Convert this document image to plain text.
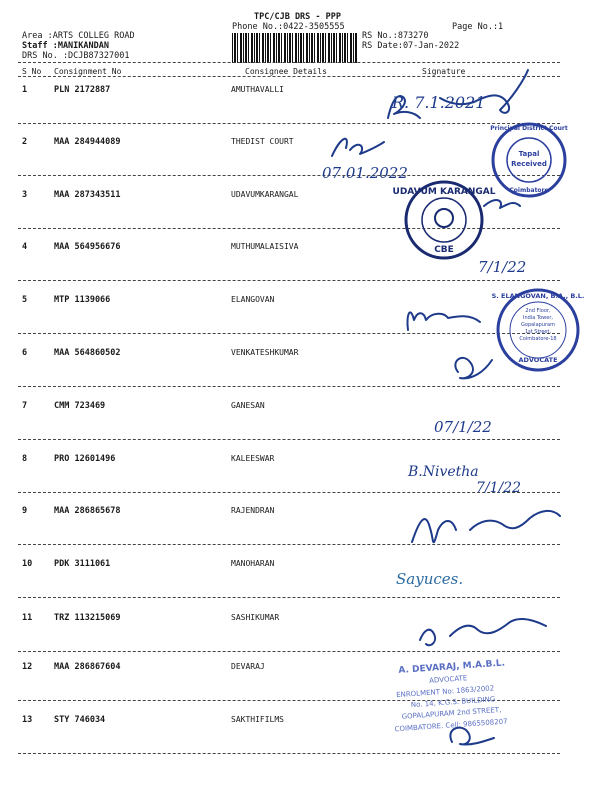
TPC/CJB DRS - PPP
Phone No.:0422-3505555	Page No.:1
Area :ARTS COLLEG ROAD
Staff :MANIKANDAN
DRS No. :DCJB87327001
RS No.:873270
RS Date:07-Jan-2022
S No Consignment No	Consignee Details	Signature
1	PLN 2172887	AMUTHAVALLI
2	MAA 284944089	THEDIST COURT
3	MAA 287343511	UDAVUMKARANGAL
4	MAA 564956676	MUTHUMALAISIVA
5	MTP 1139066	ELANGOVAN
6	MAA 564860502	VENKATESHKUMAR
7	CMM 723469	GANESAN
8	PRO 12601496	KALEESWAR
9	MAA 286865678	RAJENDRAN
10	PDK 3111061	MANOHARAN
11	TRZ 113215069	SASHIKUMAR
12	MAA 286867604	DEVARAJ
13	STY 746034	SAKTHIFILMS
R. 7.1.2021
07.01.2022
7/1/22
07/1/22
B.Nivetha
7/1/22
Sayuces.
Principal District Court
Tapal
Received
Coimbatore
UDAVUM KARANGAL
CBE
S. ELANGOVAN, B.A., B.L.
2nd Floor,
India Tower,
Gopalapuram
1st Street,
Coimbatore-18
ADVOCATE
A. DEVARAJ, M.A.B.L.
ADVOCATE
ENROLMENT No: 1863/2002
No. 14, K.G.S. BUILDING
GOPALAPURAM 2nd STREET,
COIMBATORE. Cell: 9865508207
